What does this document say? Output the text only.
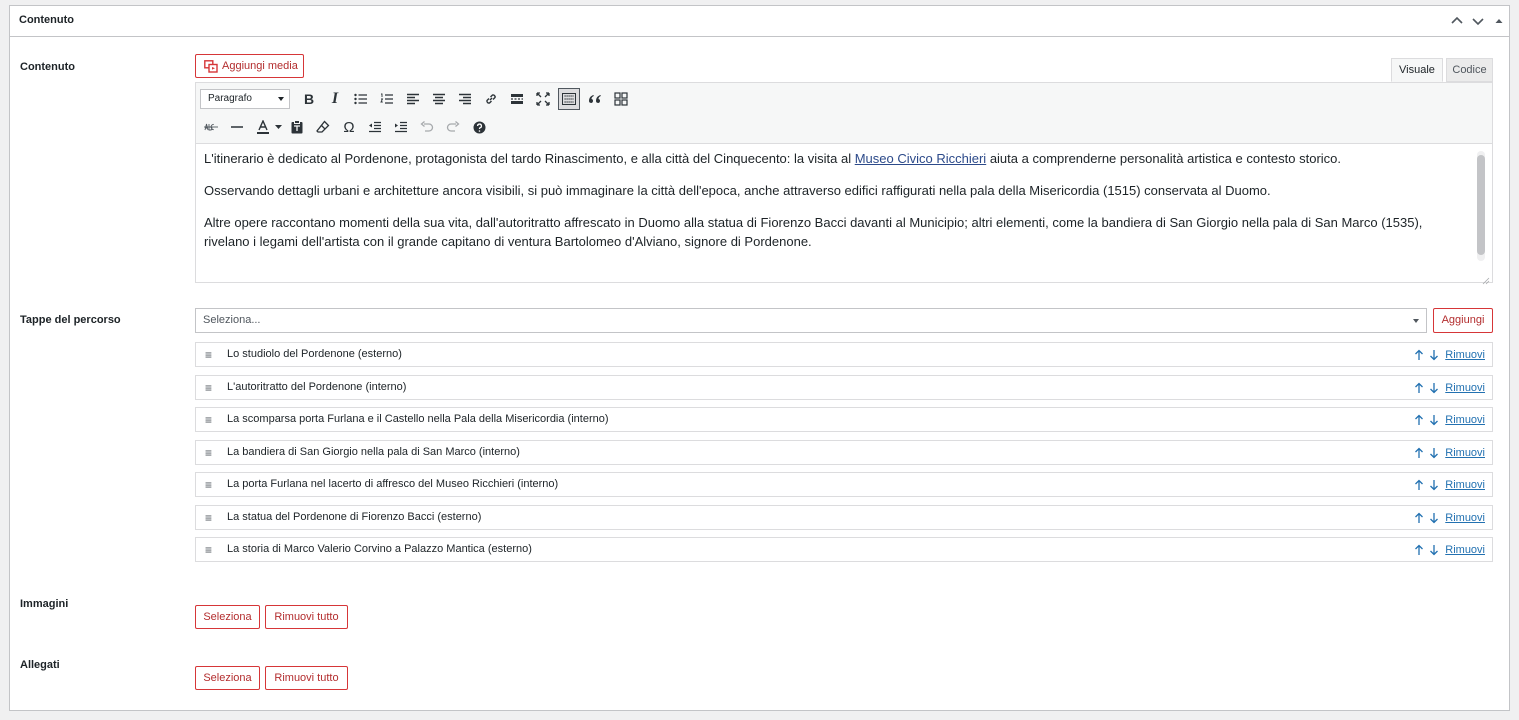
Contenuto
Contenuto	Aggiungi media	Visuale	Codice
Paragrafo	B I
Ω

L'itinerario è dedicato al Pordenone, protagonista del tardo Rinascimento, e alla città del Cinquecento: la visita al Museo Civico Ricchieri aiuta a comprenderne personalità artistica e contesto storico.

Osservando dettagli urbani e architetture ancora visibili, si può immaginare la città dell'epoca, anche attraverso edifici raffigurati nella pala della Misericordia (1515) conservata al Duomo.

Altre opere raccontano momenti della sua vita, dall'autoritratto affrescato in Duomo alla statua di Fiorenzo Bacci davanti al Municipio; altri elementi, come la bandiera di San Giorgio nella pala di San Marco (1535), rivelano i legami dell'artista con il grande capitano di ventura Bartolomeo d'Alviano, signore di Pordenone.

Tappe del percorso	Seleziona...	Aggiungi
≡ Lo studiolo del Pordenone (esterno)	Rimuovi
≡ L'autoritratto del Pordenone (interno)	Rimuovi
≡ La scomparsa porta Furlana e il Castello nella Pala della Misericordia (interno)	Rimuovi
≡ La bandiera di San Giorgio nella pala di San Marco (interno)	Rimuovi
≡ La porta Furlana nel lacerto di affresco del Museo Ricchieri (interno)	Rimuovi
≡ La statua del Pordenone di Fiorenzo Bacci (esterno)	Rimuovi
≡ La storia di Marco Valerio Corvino a Palazzo Mantica (esterno)	Rimuovi
Immagini
Seleziona	Rimuovi tutto
Allegati
Seleziona	Rimuovi tutto
